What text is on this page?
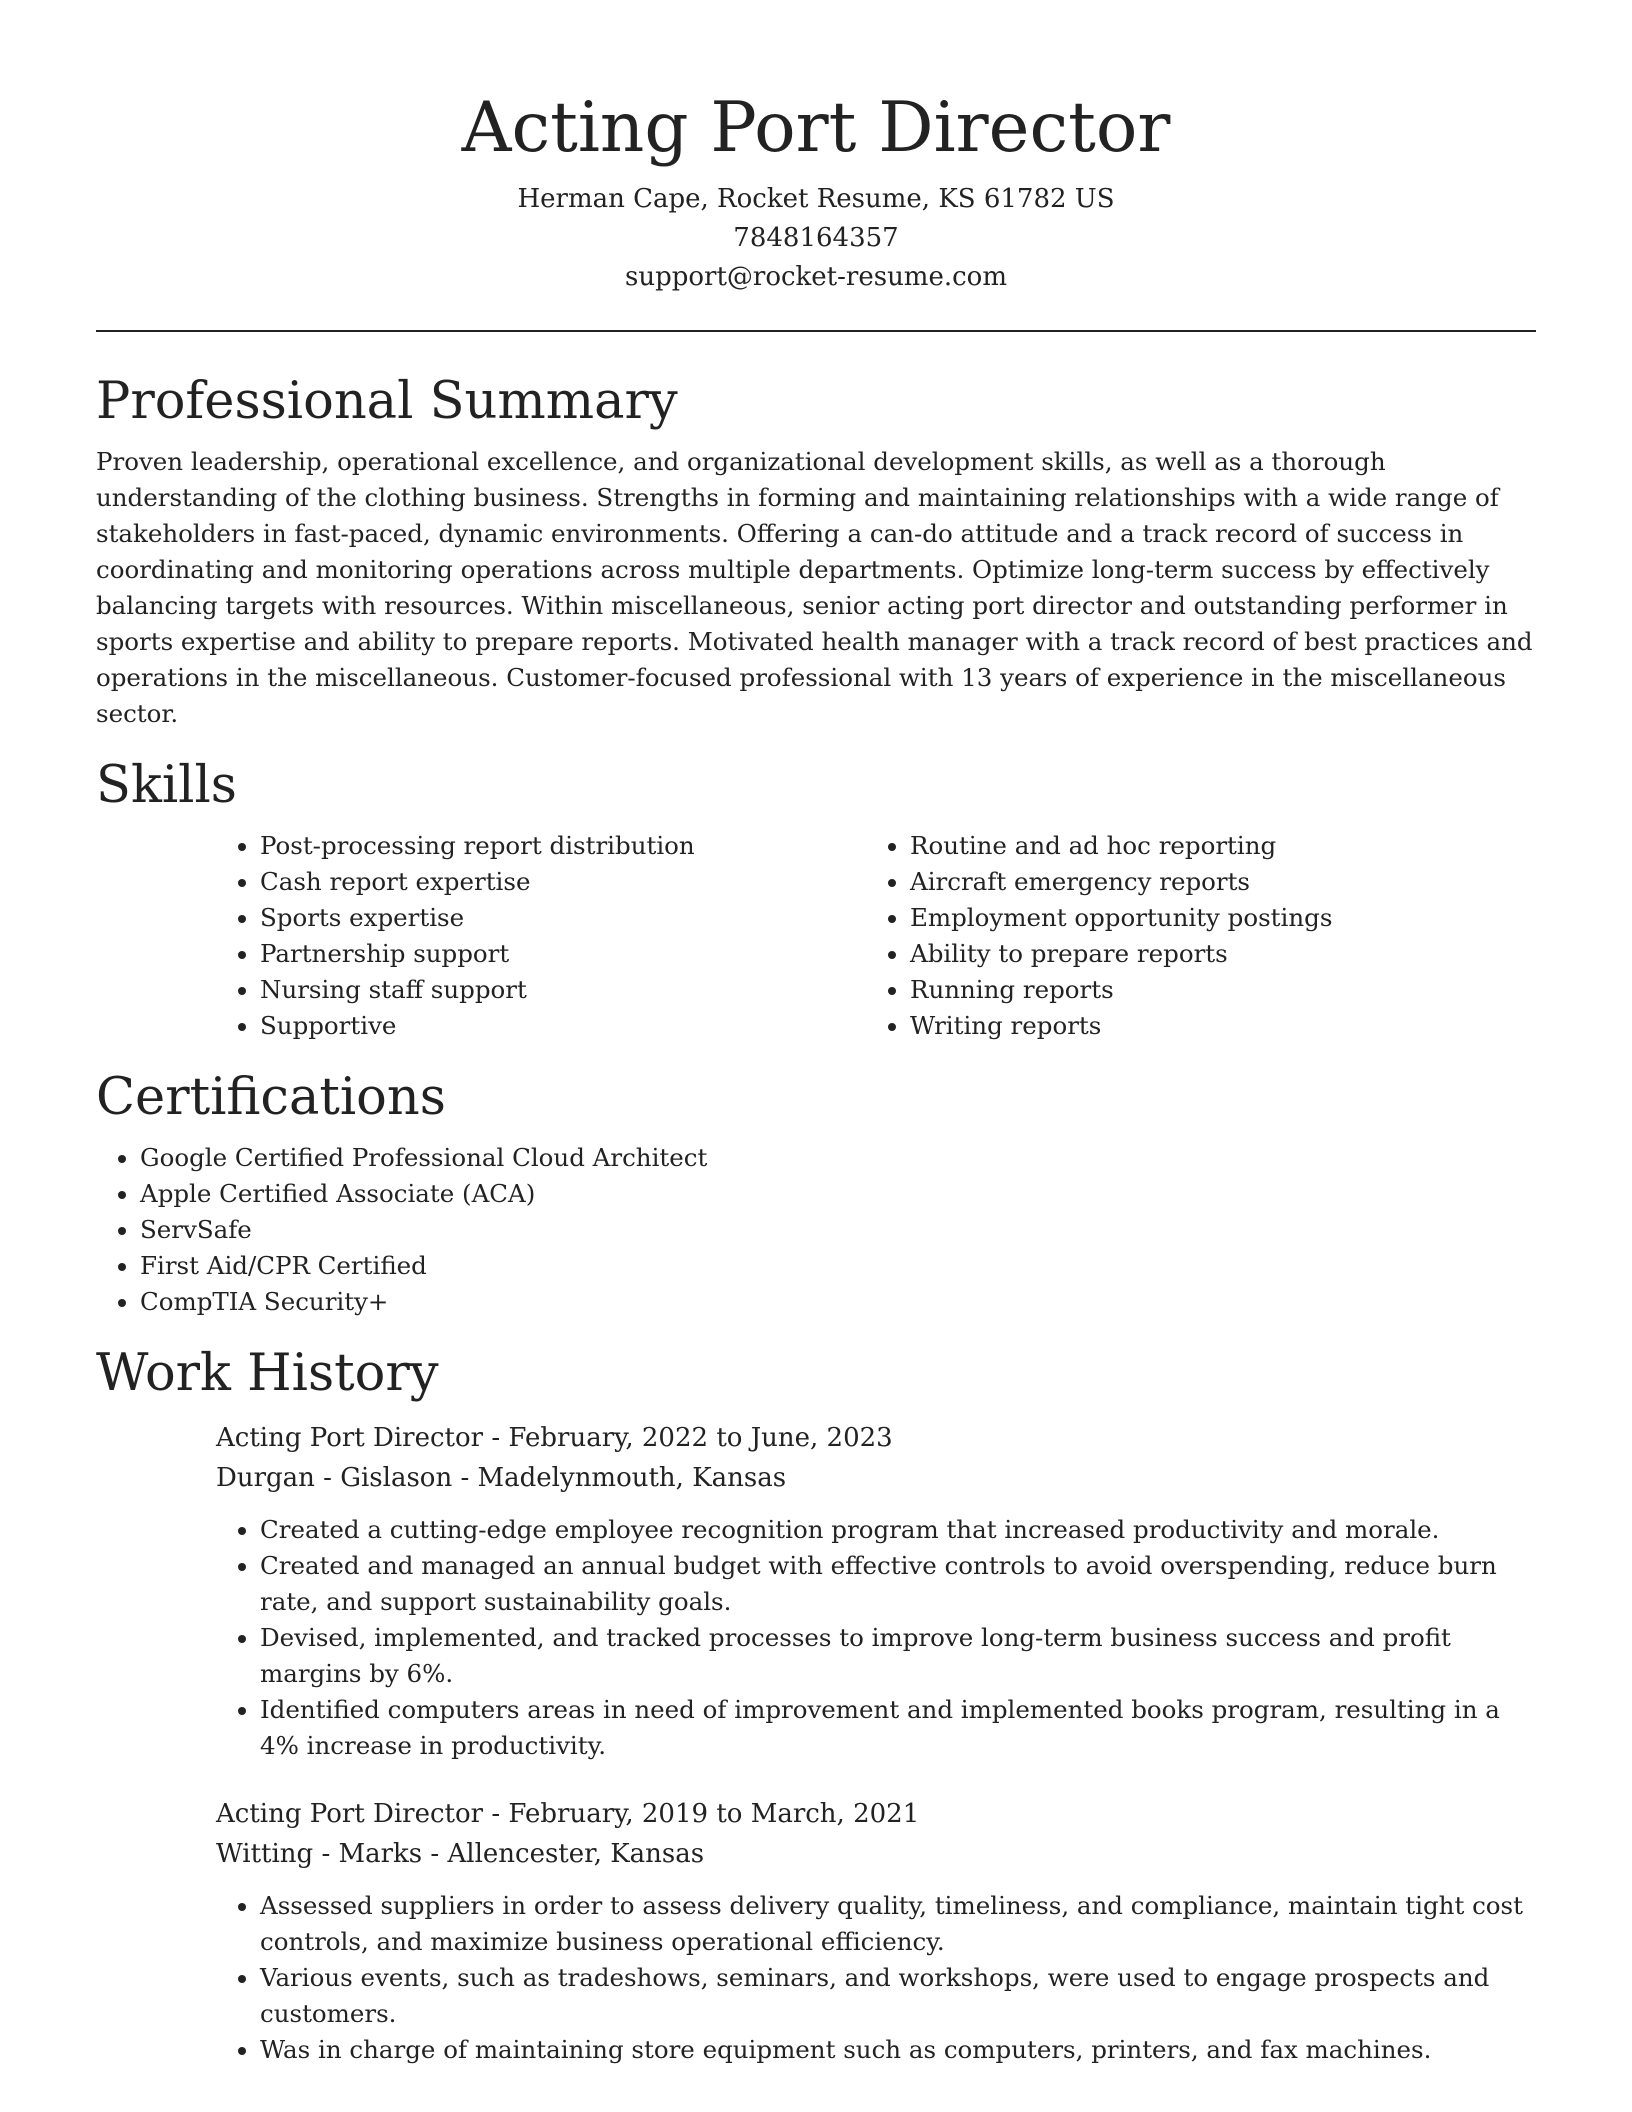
Acting Port Director
Herman Cape, Rocket Resume, KS 61782 US
7848164357
support@rocket-resume.com
Professional Summary

Proven leadership, operational excellence, and organizational development skills, as well as a thorough understanding of the clothing business. Strengths in forming and maintaining relationships with a wide range of stakeholders in fast-paced, dynamic environments. Offering a can-do attitude and a track record of success in coordinating and monitoring operations across multiple departments. Optimize long-term success by effectively balancing targets with resources. Within miscellaneous, senior acting port director and outstanding performer in sports expertise and ability to prepare reports. Motivated health manager with a track record of best practices and operations in the miscellaneous. Customer-focused professional with 13 years of experience in the miscellaneous sector.

Skills
• Post-processing report distribution
• Cash report expertise
• Sports expertise
• Partnership support
• Nursing staff support
• Supportive
• Routine and ad hoc reporting
• Aircraft emergency reports
• Employment opportunity postings
• Ability to prepare reports
• Running reports
• Writing reports
Certifications
• Google Certified Professional Cloud Architect
• Apple Certified Associate (ACA)
• ServSafe
• First Aid/CPR Certified
• CompTIA Security+
Work History
Acting Port Director - February, 2022 to June, 2023
Durgan - Gislason - Madelynmouth, Kansas
• Created a cutting-edge employee recognition program that increased productivity and morale.
• Created and managed an annual budget with effective controls to avoid overspending, reduce burn rate, and support sustainability goals.
• Devised, implemented, and tracked processes to improve long-term business success and profit margins by 6%.
• Identified computers areas in need of improvement and implemented books program, resulting in a 4% increase in productivity.
Acting Port Director - February, 2019 to March, 2021
Witting - Marks - Allencester, Kansas
• Assessed suppliers in order to assess delivery quality, timeliness, and compliance, maintain tight cost controls, and maximize business operational efficiency.
• Various events, such as tradeshows, seminars, and workshops, were used to engage prospects and customers.
• Was in charge of maintaining store equipment such as computers, printers, and fax machines.
